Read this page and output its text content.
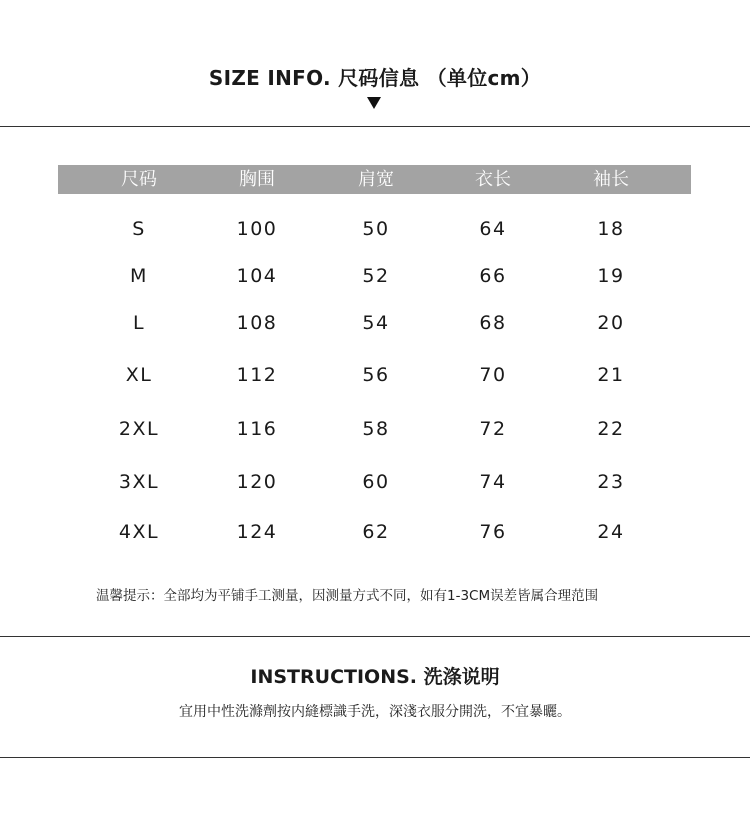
SIZE INFO. 尺码信息 （单位cm）
尺码	胸围	肩宽	衣长	袖长
S	100	50	64	18
M	104	52	66	19
L	108	54	68	20
XL	112	56	70	21
2XL	116	58	72	22
3XL	120	60	74	23
4XL	124	62	76	24
温馨提示：全部均为平铺手工测量，因测量方式不同，如有1-3CM误差皆属合理范围
INSTRUCTIONS. 洗涤说明
宜用中性洗滌劑按内縫標識手洗，深淺衣服分開洗，不宜暴曬。
